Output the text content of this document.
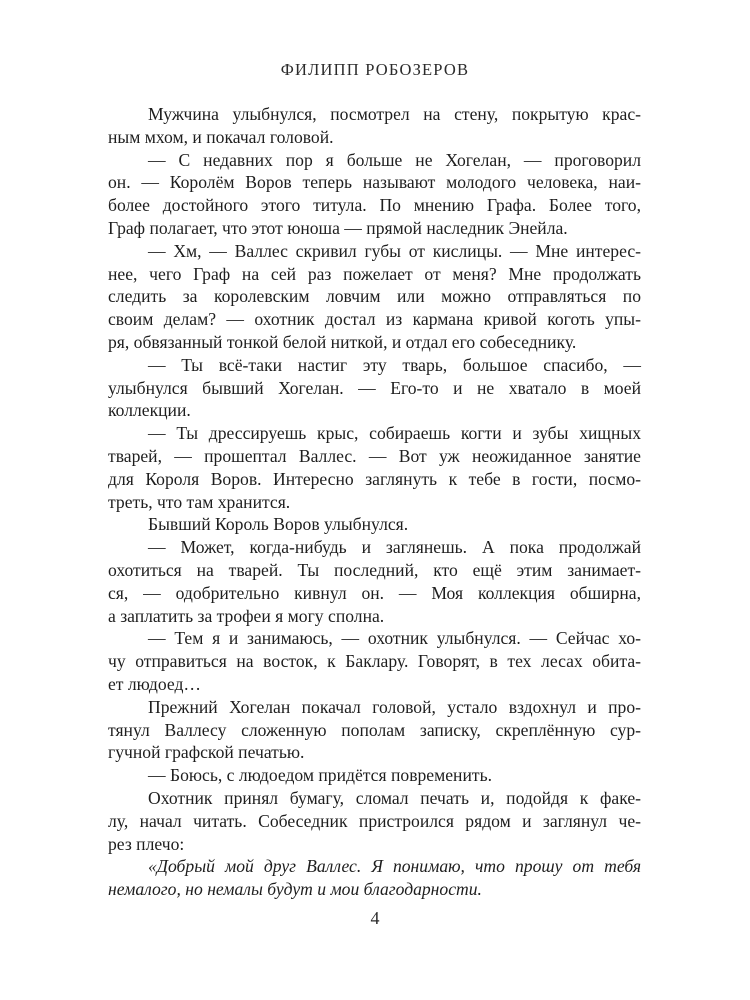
ФИЛИПП РОБОЗЕРОВ
Мужчина улыбнулся, посмотрел на стену, покрытую крас-
ным мхом, и покачал головой.
— С недавних пор я больше не Хогелан, — проговорил
он. — Королём Воров теперь называют молодого человека, наи-
более достойного этого титула. По мнению Графа. Более того,
Граф полагает, что этот юноша — прямой наследник Энейла.
— Хм, — Валлес скривил губы от кислицы. — Мне интерес-
нее, чего Граф на сей раз пожелает от меня? Мне продолжать
следить за королевским ловчим или можно отправляться по
своим делам? — охотник достал из кармана кривой коготь упы-
ря, обвязанный тонкой белой ниткой, и отдал его собеседнику.
— Ты всё-таки настиг эту тварь, большое спасибо, —
улыбнулся бывший Хогелан. — Его-то и не хватало в моей
коллекции.
— Ты дрессируешь крыс, собираешь когти и зубы хищных
тварей, — прошептал Валлес. — Вот уж неожиданное занятие
для Короля Воров. Интересно заглянуть к тебе в гости, посмо-
треть, что там хранится.
Бывший Король Воров улыбнулся.
— Может, когда-нибудь и заглянешь. А пока продолжай
охотиться на тварей. Ты последний, кто ещё этим занимает-
ся, — одобрительно кивнул он. — Моя коллекция обширна,
а заплатить за трофеи я могу сполна.
— Тем я и занимаюсь, — охотник улыбнулся. — Сейчас хо-
чу отправиться на восток, к Баклару. Говорят, в тех лесах обита-
ет людоед…
Прежний Хогелан покачал головой, устало вздохнул и про-
тянул Валлесу сложенную пополам записку, скреплённую сур-
гучной графской печатью.
— Боюсь, с людоедом придётся повременить.
Охотник принял бумагу, сломал печать и, подойдя к факе-
лу, начал читать. Собеседник пристроился рядом и заглянул че-
рез плечо:
«Добрый мой друг Валлес. Я понимаю, что прошу от тебя
немалого, но немалы будут и мои благодарности.
4
